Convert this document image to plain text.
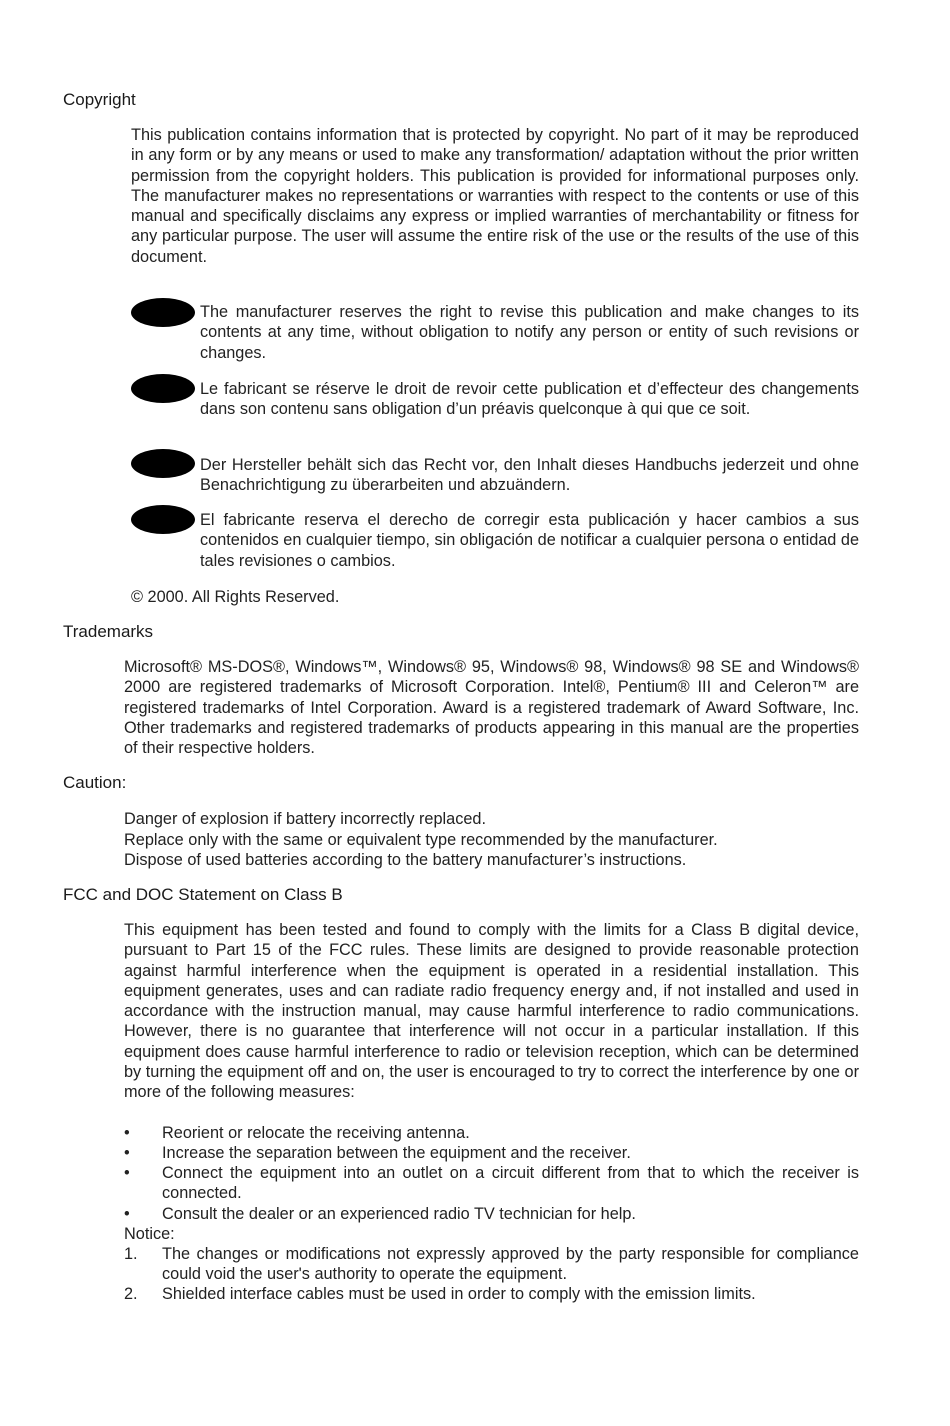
Copyright
This publication contains information that is protected by copyright. No part of it may be reproduced in any form or by any means or used to make any transformation/ adaptation without the prior written permission from the copyright holders. This publication is provided for informational purposes only. The manufacturer makes no representations or warranties with respect to the contents or use of this manual and specifically disclaims any express or implied warranties of merchantability or fitness for any particular purpose. The user will assume the entire risk of the use or the results of the use of this document.
The manufacturer reserves the right to revise this publication and make changes to its contents at any time, without obligation to notify any person or entity of such revisions or changes.
Le fabricant se réserve le droit de revoir cette publication et d’effecteur des changements dans son contenu sans obligation d’un préavis quelconque à qui que ce soit.
Der Hersteller behält sich das Recht vor, den Inhalt dieses Handbuchs jederzeit und ohne Benachrichtigung zu überarbeiten und abzuändern.
El fabricante reserva el derecho de corregir esta publicación y hacer cambios a sus contenidos en cualquier tiempo, sin obligación de notificar a cualquier persona o entidad de tales revisiones o cambios.
© 2000. All Rights Reserved.
Trademarks
Microsoft® MS-DOS®, Windows™, Windows® 95, Windows® 98, Windows® 98 SE and Windows® 2000 are registered trademarks of Microsoft Corporation. Intel®, Pentium® III and Celeron™ are registered trademarks of Intel Corporation. Award is a registered trademark of Award Software, Inc. Other trademarks and registered trademarks of products appearing in this manual are the properties of their respective holders.
Caution:
Danger of explosion if battery incorrectly replaced.
Replace only with the same or equivalent type recommended by the manufacturer.
Dispose of used batteries according to the battery manufacturer’s instructions.
FCC and DOC Statement on Class B
This equipment has been tested and found to comply with the limits for a Class B digital device, pursuant to Part 15 of the FCC rules. These limits are designed to provide reasonable protection against harmful interference when the equipment is operated in a residential installation. This equipment generates, uses and can radiate radio frequency energy and, if not installed and used in accordance with the instruction manual, may cause harmful interference to radio communications. However, there is no guarantee that interference will not occur in a particular installation. If this equipment does cause harmful interference to radio or television reception, which can be determined by turning the equipment off and on, the user is encouraged to try to correct the interference by one or more of the following measures:
• Reorient or relocate the receiving antenna.
• Increase the separation between the equipment and the receiver.
• Connect the equipment into an outlet on a circuit different from that to which the receiver is connected.
• Consult the dealer or an experienced radio TV technician for help.
Notice:
1. The changes or modifications not expressly approved by the party responsible for compliance could void the user's authority to operate the equipment.
2. Shielded interface cables must be used in order to comply with the emission limits.
